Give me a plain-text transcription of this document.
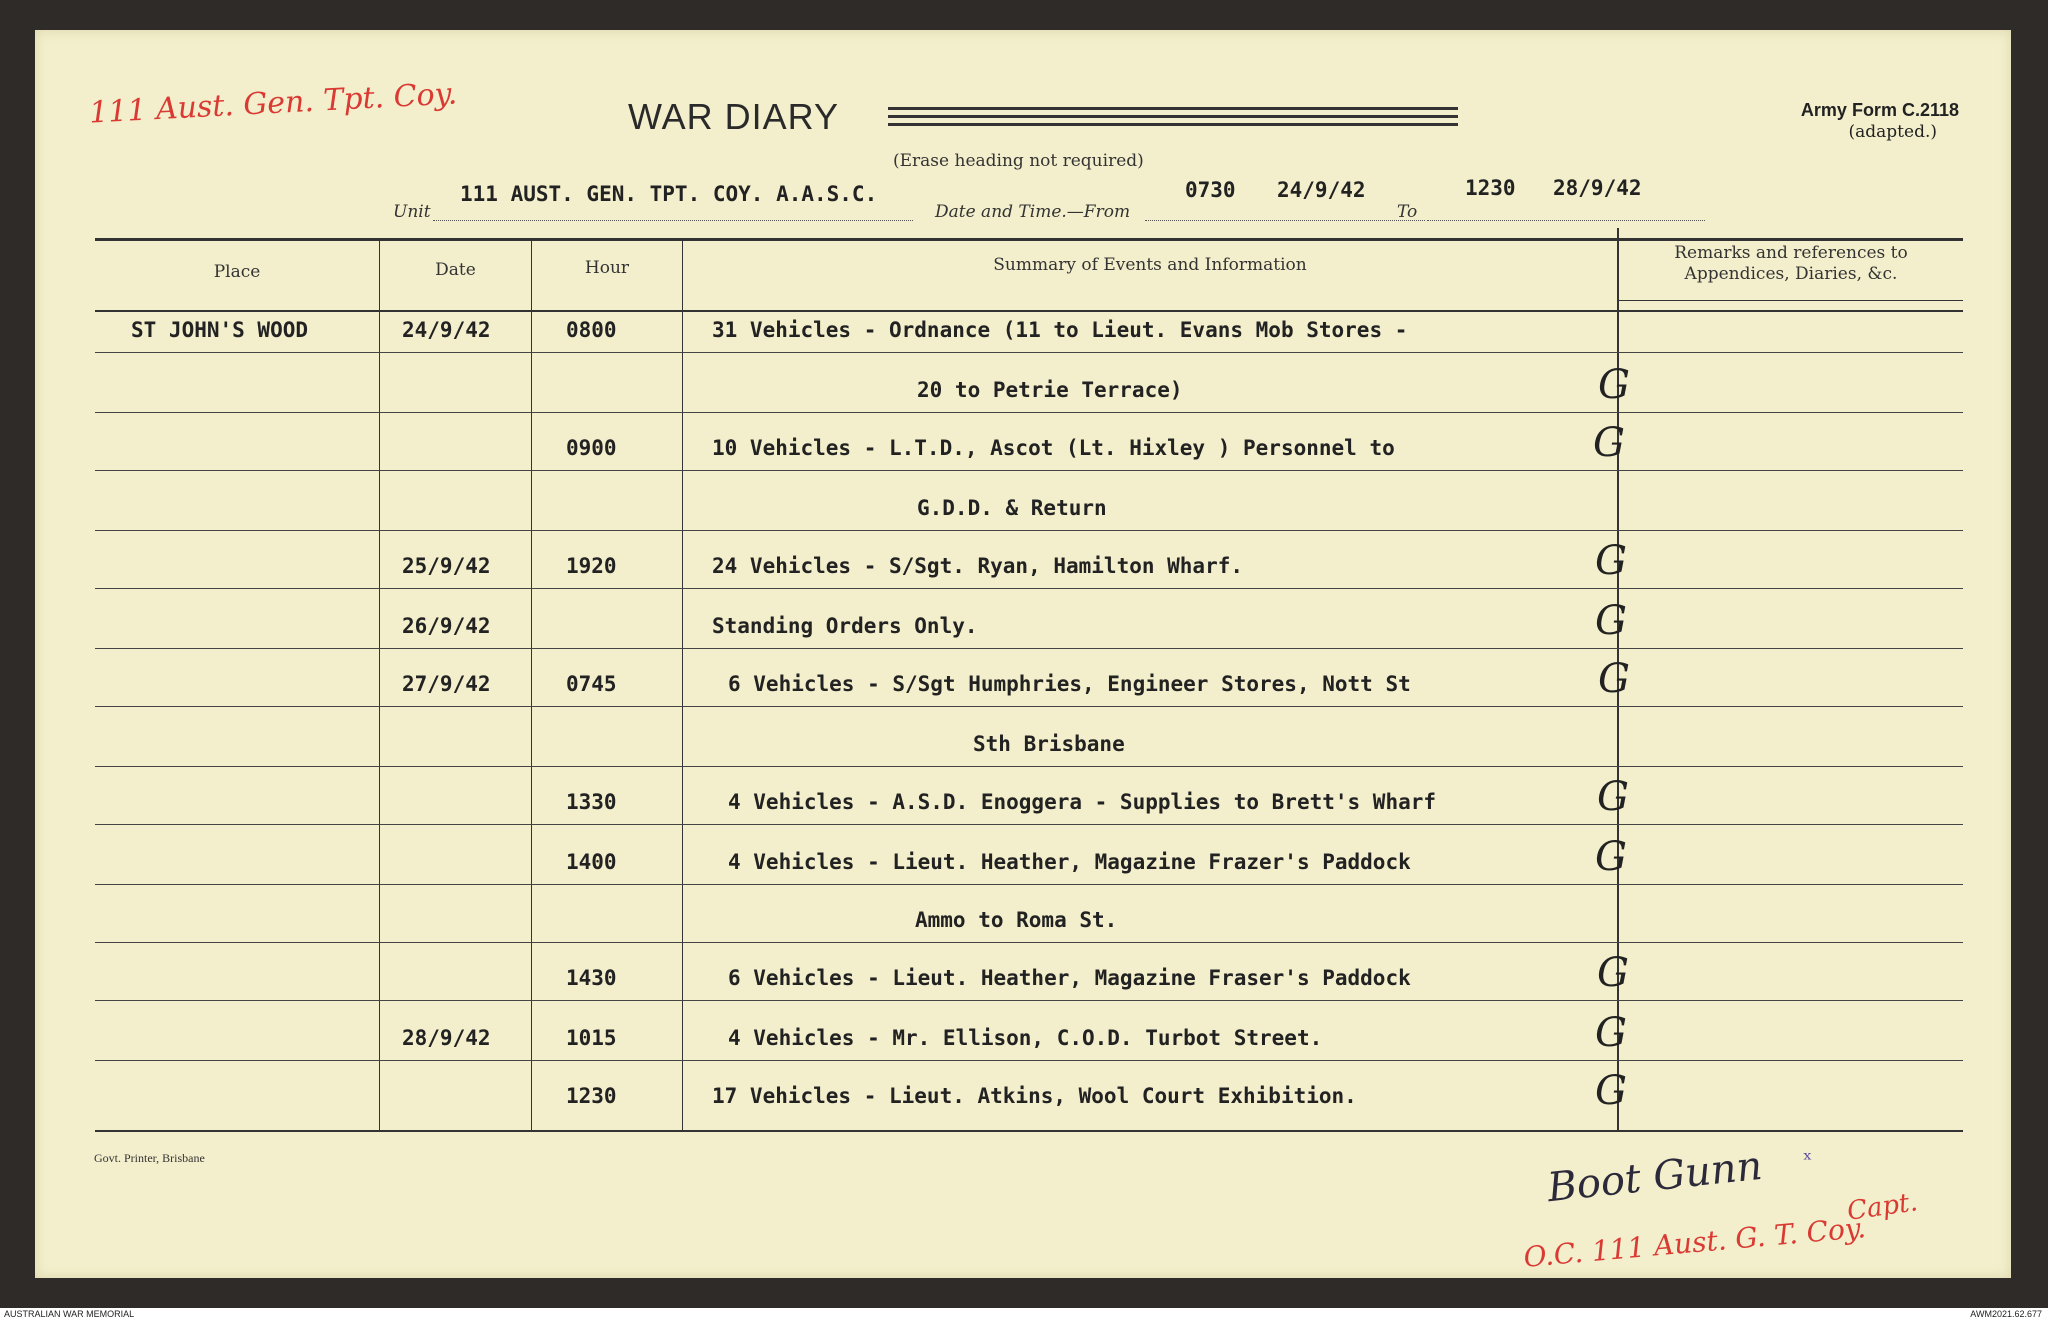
111 Aust. Gen. Tpt. Coy.	WAR DIARY	Army Form C.2118
(adapted.)
(Erase heading not required)
Unit
111 AUST. GEN. TPT. COY. A.A.S.C.
Date and Time.—From
0730 24/9/42
To
1230 28/9/42
Place	Date	Hour	Summary of Events and Information
Remarks and references to
Appendices, Diaries, &c.
ST JOHN'S WOOD	24/9/42	0800	31 Vehicles - Ordnance (11 to Lieut. Evans Mob Stores -
20 to Petrie Terrace)	G
0900	10 Vehicles - L.T.D., Ascot (Lt. Hixley ) Personnel to	G
G.D.D. & Return
25/9/42	1920	24 Vehicles - S/Sgt. Ryan, Hamilton Wharf.	G
26/9/42	Standing Orders Only.	G
27/9/42	0745	6 Vehicles - S/Sgt Humphries, Engineer Stores, Nott St	G
Sth Brisbane
1330	4 Vehicles - A.S.D. Enoggera - Supplies to Brett's Wharf	G
1400	4 Vehicles - Lieut. Heather, Magazine Frazer's Paddock	G
Ammo to Roma St.
1430	6 Vehicles - Lieut. Heather, Magazine Fraser's Paddock	G
28/9/42	1015	4 Vehicles - Mr. Ellison, C.O.D. Turbot Street.	G
1230	17 Vehicles - Lieut. Atkins, Wool Court Exhibition.	G
Govt. Printer, Brisbane	Boot Gunn ˣ
Capt.
O.C. 111 Aust. G. T. Coy.
AUSTRALIAN WAR MEMORIAL	AWM2021.62.677
